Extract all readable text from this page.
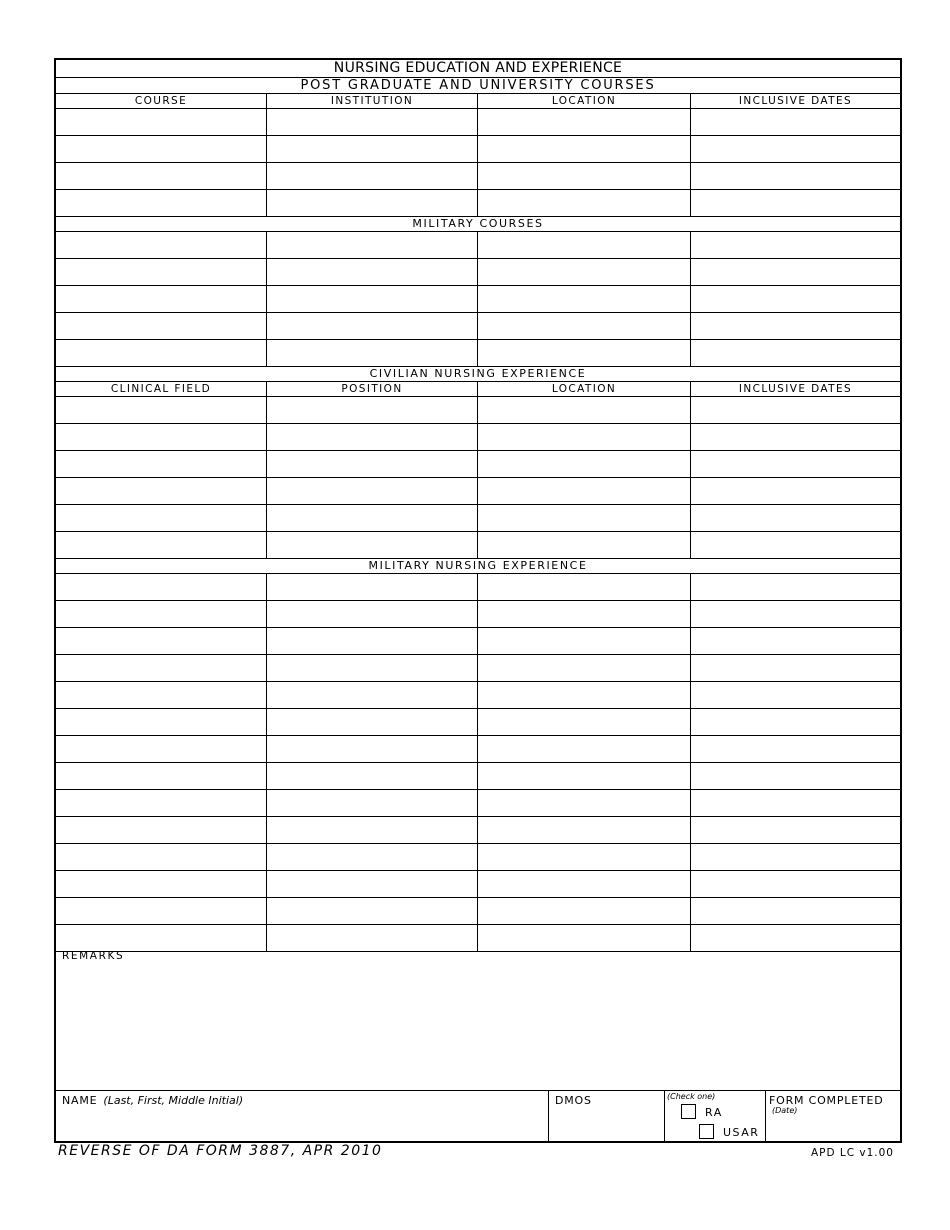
NURSING EDUCATION AND EXPERIENCE
POST GRADUATE AND UNIVERSITY COURSES
COURSE	INSTITUTION	LOCATION	INCLUSIVE DATES
MILITARY COURSES
CIVILIAN NURSING EXPERIENCE
CLINICAL FIELD	POSITION	LOCATION	INCLUSIVE DATES
MILITARY NURSING EXPERIENCE
REMARKS
NAME (Last, First, Middle Initial)	DMOS	(Check one)
RA
USAR
FORM COMPLETED
(Date)
REVERSE OF DA FORM 3887, APR 2010	APD LC v1.00
